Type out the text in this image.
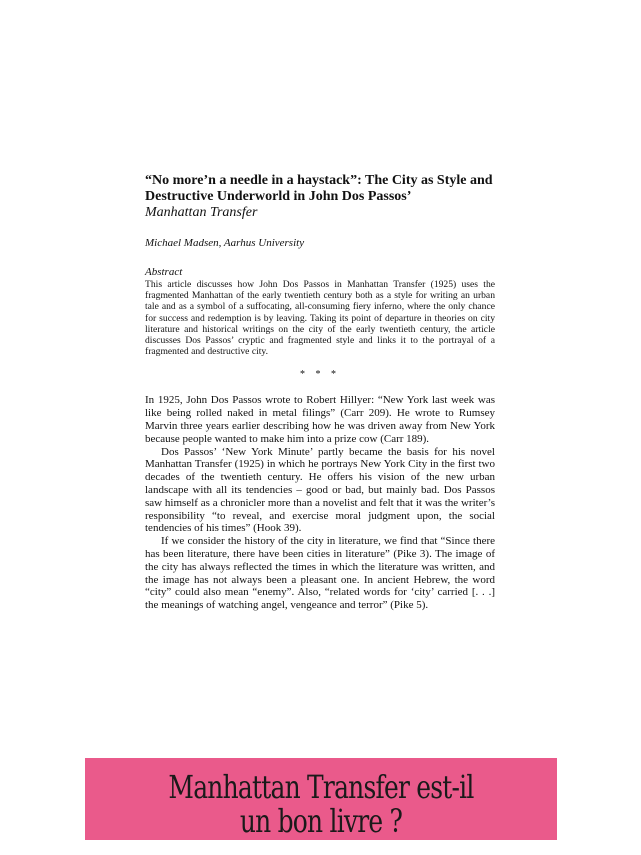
“No more’n a needle in a haystack”: The City as Style and Destructive Underworld in John Dos Passos’
Manhattan Transfer
Michael Madsen, Aarhus University
Abstract

This article discusses how John Dos Passos in Manhattan Transfer (1925) uses the fragmented Manhattan of the early twentieth century both as a style for writing an urban tale and as a symbol of a suffocating, all-consuming fiery inferno, where the only chance for success and redemption is by leaving. Taking its point of departure in theories on city literature and historical writings on the city of the early twentieth century, the article discusses Dos Passos’ cryptic and fragmented style and links it to the portrayal of a fragmented and destructive city.

* * *

In 1925, John Dos Passos wrote to Robert Hillyer: “New York last week was like being rolled naked in metal filings” (Carr 209). He wrote to Rumsey Marvin three years earlier describing how he was driven away from New York because people wanted to make him into a prize cow (Carr 189).

Dos Passos’ ‘New York Minute’ partly became the basis for his novel Manhattan Transfer (1925) in which he portrays New York City in the first two decades of the twentieth century. He offers his vision of the new urban landscape with all its tendencies – good or bad, but mainly bad. Dos Passos saw himself as a chronicler more than a novelist and felt that it was the writer’s responsibility “to reveal, and exercise moral judgment upon, the social tendencies of his times” (Hook 39).

If we consider the history of the city in literature, we find that “Since there has been literature, there have been cities in literature” (Pike 3). The image of the city has always reflected the times in which the literature was written, and the image has not always been a pleasant one. In ancient Hebrew, the word “city” could also mean “enemy”. Also, “related words for ‘city’ carried [. . .] the meanings of watching angel, vengeance and terror” (Pike 5).

Manhattan Transfer est-il
un bon livre ?
